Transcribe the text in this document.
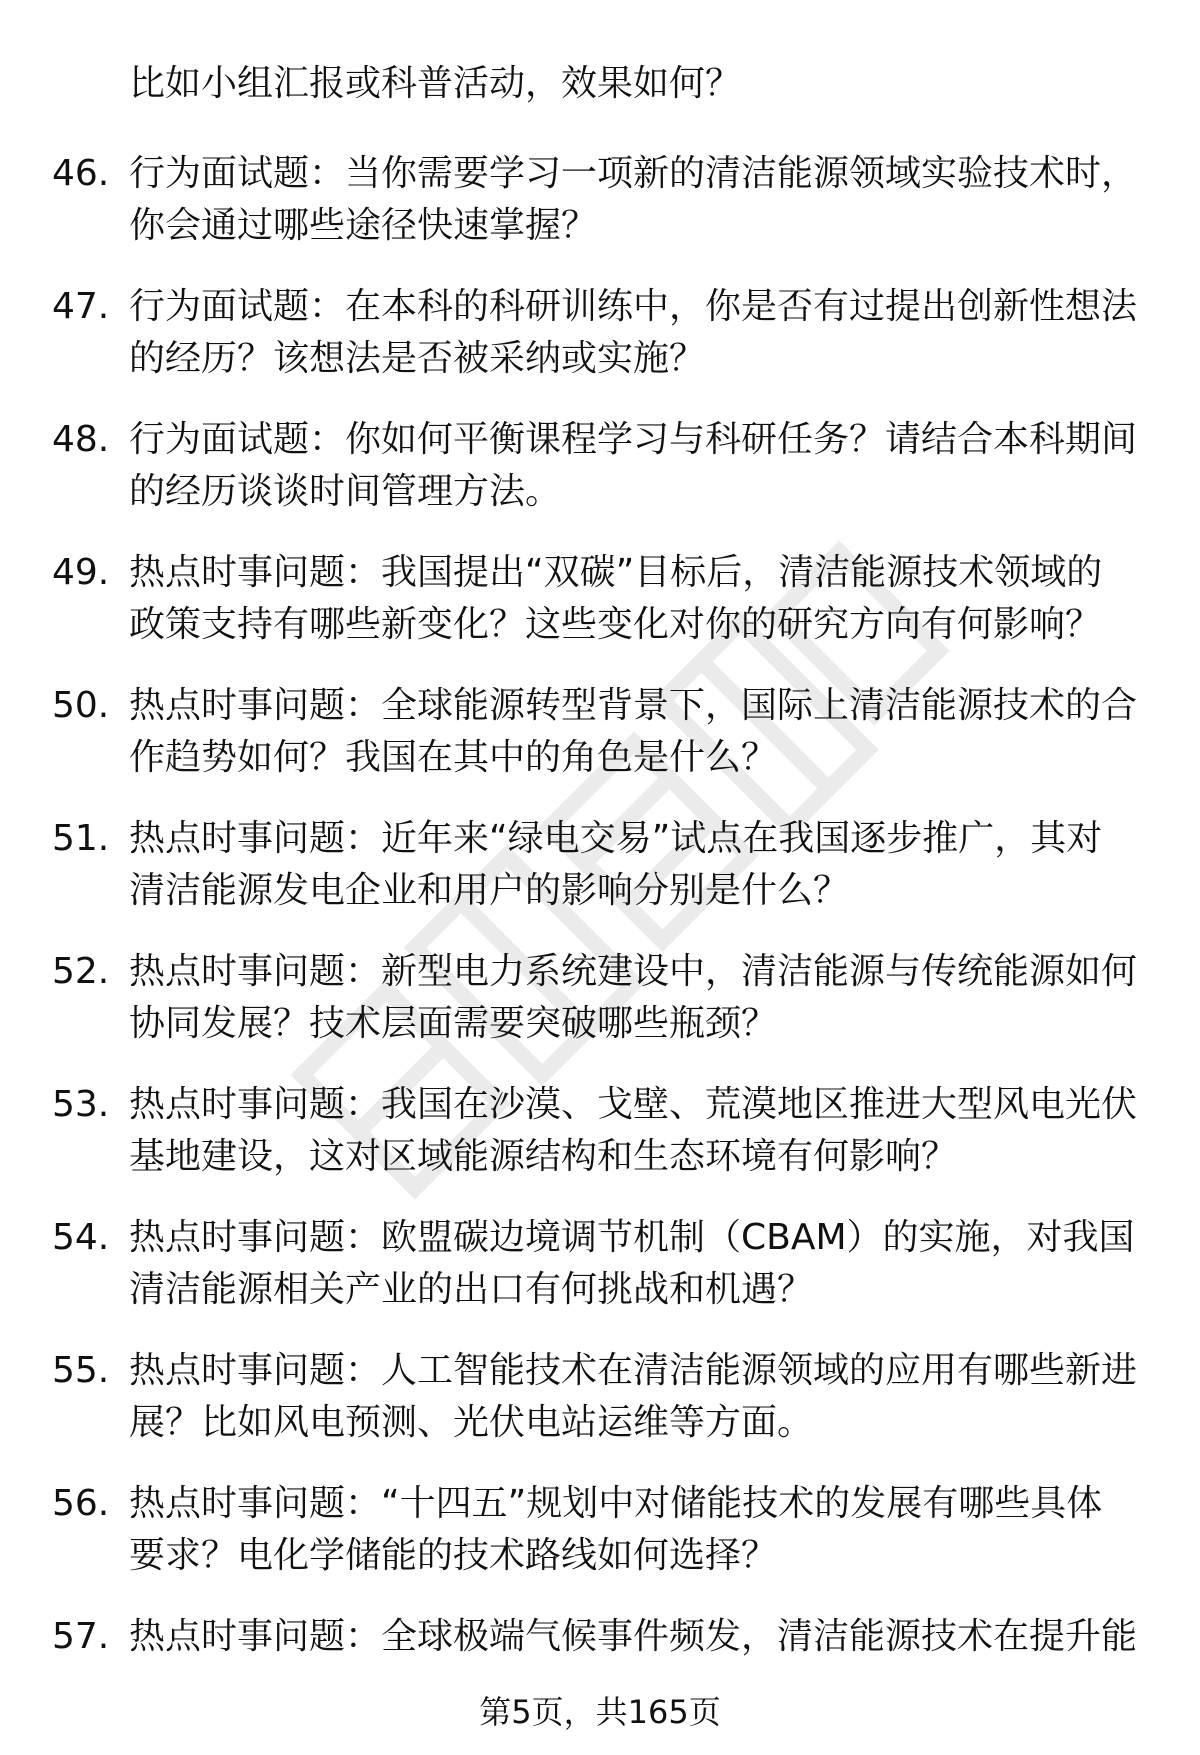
比如小组汇报或科普活动，效果如何？
46. 行为面试题：当你需要学习一项新的清洁能源领域实验技术时，
你会通过哪些途径快速掌握？
47. 行为面试题：在本科的科研训练中，你是否有过提出创新性想法
的经历？该想法是否被采纳或实施？
48. 行为面试题：你如何平衡课程学习与科研任务？请结合本科期间
的经历谈谈时间管理方法。
49. 热点时事问题：我国提出“双碳”目标后，清洁能源技术领域的
政策支持有哪些新变化？这些变化对你的研究方向有何影响？
50. 热点时事问题：全球能源转型背景下，国际上清洁能源技术的合
作趋势如何？我国在其中的角色是什么？
51. 热点时事问题：近年来“绿电交易”试点在我国逐步推广，其对
清洁能源发电企业和用户的影响分别是什么？
52. 热点时事问题：新型电力系统建设中，清洁能源与传统能源如何
协同发展？技术层面需要突破哪些瓶颈？
53. 热点时事问题：我国在沙漠、戈壁、荒漠地区推进大型风电光伏
基地建设，这对区域能源结构和生态环境有何影响？
54. 热点时事问题：欧盟碳边境调节机制（CBAM）的实施，对我国
清洁能源相关产业的出口有何挑战和机遇？
55. 热点时事问题：人工智能技术在清洁能源领域的应用有哪些新进
展？比如风电预测、光伏电站运维等方面。
56. 热点时事问题：“十四五”规划中对储能技术的发展有哪些具体
要求？电化学储能的技术路线如何选择？
57. 热点时事问题：全球极端气候事件频发，清洁能源技术在提升能
第5页，共165页
